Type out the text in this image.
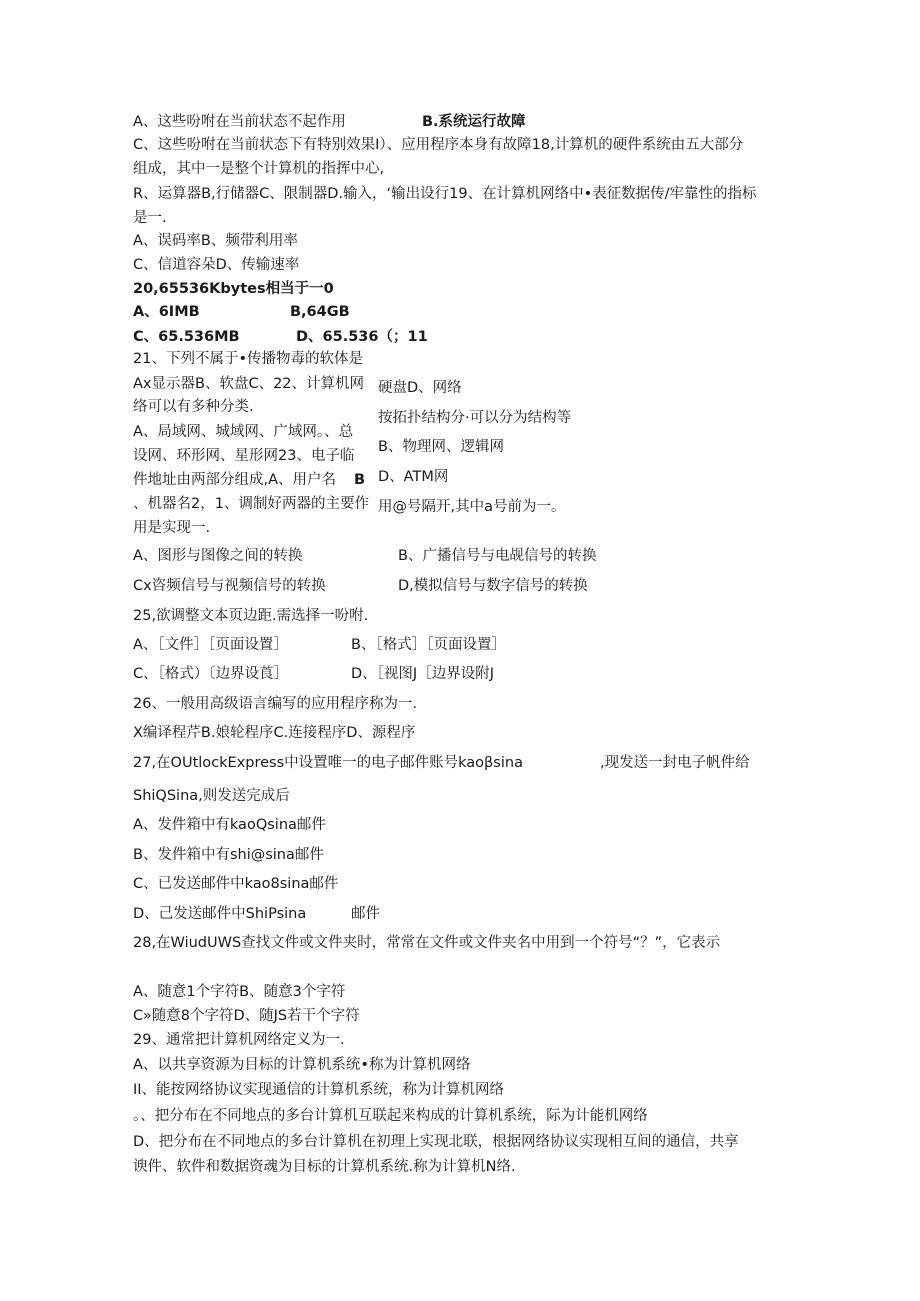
A、这些吩咐在当前状态不起作用	B.系统运行故障
C、这些吩咐在当前状态下有特别效果I）、应用程序本身有故障18,计算机的硬件系统由五大部分
组成，其中一是整个计算机的指挥中心,
R、运算器B,行储器C、限制器D.输入，‘输出设行19、在计算机网络中•表征数据传/牢靠性的指标
是一.
A、误码率B、频带利用率
C、信道容朵D、传输速率
20,65536Kbytes相当于一0
A、6IMB	B,64GB
C、65.536MB	D、65.536（；11
21、下列不属于•传播物毒的软体是
Ax显示器B、软盘C、22、计算机网 硬盘D、网络
络可以有多种分类.
按拓扑结构分·可以分为结构等
A、局域网、城域网、广域网。、总
B、物理网、逻辑网
设网、环形网、星形网23、电子临
件地址由两部分组成,A、用户名 B D、ATM网
、机器名2，1、调制好两器的主要作 用@号隔开,其中a号前为一。
用是实现一.
A、图形与图像之间的转换	B、广播信号与电觇信号的转换
Cx咨频信号与视频信号的转换	D,模拟信号与数字信号的转换
25,欲调整文本页边距.需选择一吩咐.
A、［文件］［页面设置］	B、［格式］［页面设置］
C、［格式）〔边界设莨］	D、［视图J［边界设附J
26、一般用高级语言编写的应用程序称为一.
X编译程芹B.娘轮程序C.连接程序D、源程序
27,在OUtlockExpress中设置唯一的电子邮件账号kaoβsina	,现发送一封电子帆件给
ShiQSina,则发送完成后
A、发件箱中有kaoQsina邮件
B、发件箱中有shi@sina邮件
C、已发送邮件中kao8sina邮件
D、己发送邮件中ShiPsina	邮件
28,在WiudUWS查找文件或文件夹时，常常在文件或文件夹名中用到一个符号“？”，它表示
A、随意1个字符B、随意3个字符
C»随意8个字符D、随JS若干个字符
29、通常把计算机网络定义为一.
A、以共享资源为目标的计算机系统•称为计算机网络
II、能按网络协议实现通信的计算机系统，称为计算机网络
。、把分布在不同地点的多台计算机互联起来构成的计算机系统，际为计能机网络
D、把分布在不同地点的多台计算机在初理上实现北联，根据网络协议实现相互间的通信，共享
谀件、软件和数据资魂为目标的计算机系统.称为计算机N络.
